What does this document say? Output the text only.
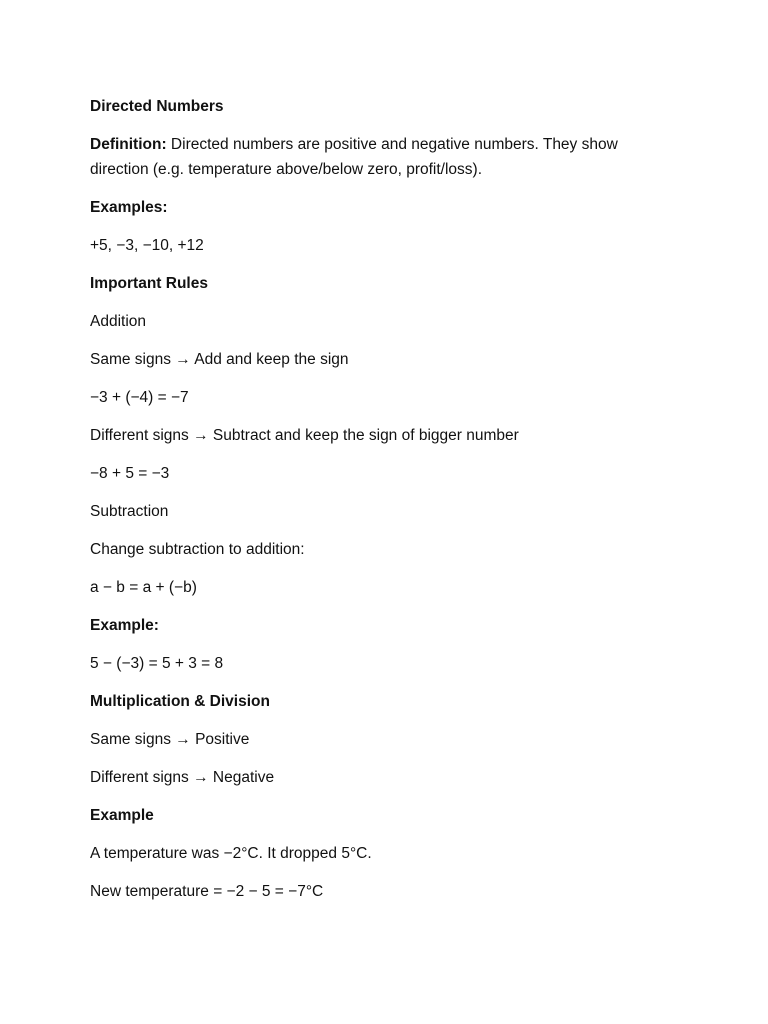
Directed Numbers

Definition: Directed numbers are positive and negative numbers. They show
direction (e.g. temperature above/below zero, profit/loss).

Examples:

+5, −3, −10, +12

Important Rules

Addition

Same signs → Add and keep the sign

−3 + (−4) = −7

Different signs → Subtract and keep the sign of bigger number

−8 + 5 = −3

Subtraction

Change subtraction to addition:

a − b = a + (−b)

Example:

5 − (−3) = 5 + 3 = 8

Multiplication & Division

Same signs → Positive

Different signs → Negative

Example

A temperature was −2°C. It dropped 5°C.

New temperature = −2 − 5 = −7°C
